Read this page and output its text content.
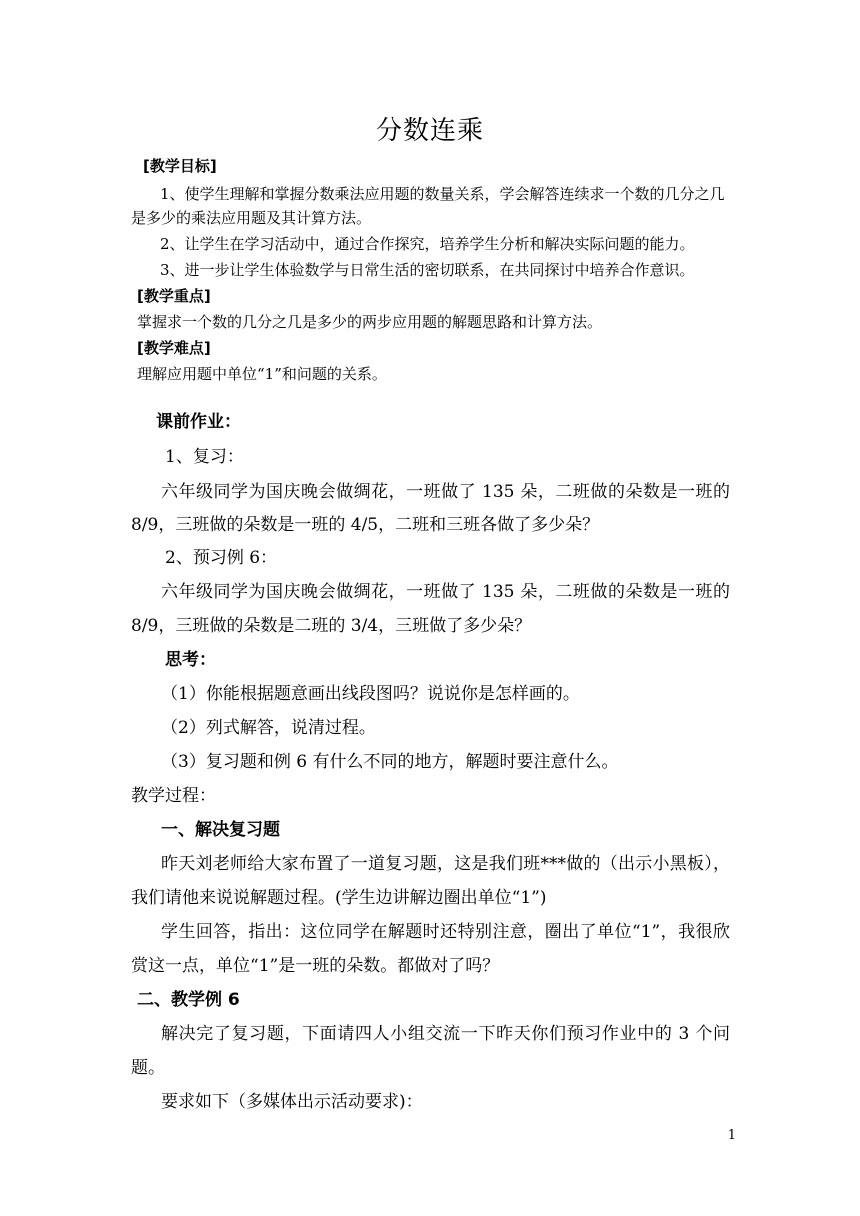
分数连乘
[教学目标]
1、使学生理解和掌握分数乘法应用题的数量关系，学会解答连续求一个数的几分之几
是多少的乘法应用题及其计算方法。
2、让学生在学习活动中，通过合作探究，培养学生分析和解决实际问题的能力。
3、进一步让学生体验数学与日常生活的密切联系，在共同探讨中培养合作意识。
[教学重点]
掌握求一个数的几分之几是多少的两步应用题的解题思路和计算方法。
[教学难点]
理解应用题中单位“1”和问题的关系。
课前作业：
1、复习：
六年级同学为国庆晚会做绸花，一班做了 135 朵，二班做的朵数是一班的
8/9，三班做的朵数是一班的 4/5，二班和三班各做了多少朵？
2、预习例 6：
六年级同学为国庆晚会做绸花，一班做了 135 朵，二班做的朵数是一班的
8/9，三班做的朵数是二班的 3/4，三班做了多少朵？
思考：
（1）你能根据题意画出线段图吗？说说你是怎样画的。
（2）列式解答，说清过程。
（3）复习题和例 6 有什么不同的地方，解题时要注意什么。
教学过程：
一、解决复习题
昨天刘老师给大家布置了一道复习题，这是我们班***做的（出示小黑板），
我们请他来说说解题过程。(学生边讲解边圈出单位“1”)
学生回答，指出：这位同学在解题时还特别注意，圈出了单位“1”，我很欣
赏这一点，单位“1”是一班的朵数。都做对了吗？
二、教学例 6
解决完了复习题，下面请四人小组交流一下昨天你们预习作业中的 3 个问
题。
要求如下（多媒体出示活动要求)：
1
